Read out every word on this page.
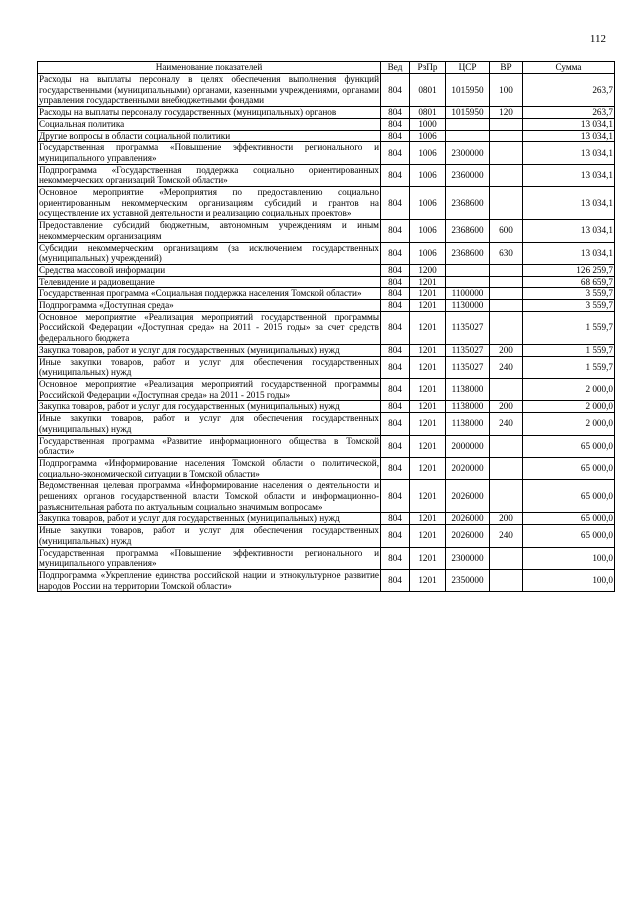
112
Наименование показателей	Вед	РзПр	ЦСР	ВР	Сумма
Расходы на выплаты персоналу в целях обеспечения выполнения функций государственными (муниципальными) органами, казенными учреждениями, органами управления государственными внебюджетными фондами	804	0801	1015950	100	263,7
Расходы на выплаты персоналу государственных (муниципальных) органов	804	0801	1015950	120	263,7
Социальная политика	804	1000			13 034,1
Другие вопросы в области социальной политики	804	1006			13 034,1
Государственная программа «Повышение эффективности регионального и муниципального управления»	804	1006	2300000		13 034,1
Подпрограмма «Государственная поддержка социально ориентированных некоммерческих организаций Томской области»	804	1006	2360000		13 034,1
Основное мероприятие «Мероприятия по предоставлению социально ориентированным некоммерческим организациям субсидий и грантов на осуществление их уставной деятельности и реализацию социальных проектов»	804	1006	2368600		13 034,1
Предоставление субсидий бюджетным, автономным учреждениям и иным некоммерческим организациям	804	1006	2368600	600	13 034,1
Субсидии некоммерческим организациям (за исключением государственных (муниципальных) учреждений)	804	1006	2368600	630	13 034,1
Средства массовой информации	804	1200			126 259,7
Телевидение и радиовещание	804	1201			68 659,7
Государственная программа «Социальная поддержка населения Томской области»	804	1201	1100000		3 559,7
Подпрограмма «Доступная среда»	804	1201	1130000		3 559,7
Основное мероприятие «Реализация мероприятий государственной программы Российской Федерации «Доступная среда» на 2011 - 2015 годы» за счет средств федерального бюджета	804	1201	1135027		1 559,7
Закупка товаров, работ и услуг для государственных (муниципальных) нужд	804	1201	1135027	200	1 559,7
Иные закупки товаров, работ и услуг для обеспечения государственных (муниципальных) нужд	804	1201	1135027	240	1 559,7
Основное мероприятие «Реализация мероприятий государственной программы Российской Федерации «Доступная среда» на 2011 - 2015 годы»	804	1201	1138000		2 000,0
Закупка товаров, работ и услуг для государственных (муниципальных) нужд	804	1201	1138000	200	2 000,0
Иные закупки товаров, работ и услуг для обеспечения государственных (муниципальных) нужд	804	1201	1138000	240	2 000,0
Государственная программа «Развитие информационного общества в Томской области»	804	1201	2000000		65 000,0
Подпрограмма «Информирование населения Томской области о политической, социально-экономической ситуации в Томской области»	804	1201	2020000		65 000,0
Ведомственная целевая программа «Информирование населения о деятельности и решениях органов государственной власти Томской области и информационно-разъяснительная работа по актуальным социально значимым вопросам»	804	1201	2026000		65 000,0
Закупка товаров, работ и услуг для государственных (муниципальных) нужд	804	1201	2026000	200	65 000,0
Иные закупки товаров, работ и услуг для обеспечения государственных (муниципальных) нужд	804	1201	2026000	240	65 000,0
Государственная программа «Повышение эффективности регионального и муниципального управления»	804	1201	2300000		100,0
Подпрограмма «Укрепление единства российской нации и этнокультурное развитие народов России на территории Томской области»	804	1201	2350000		100,0
